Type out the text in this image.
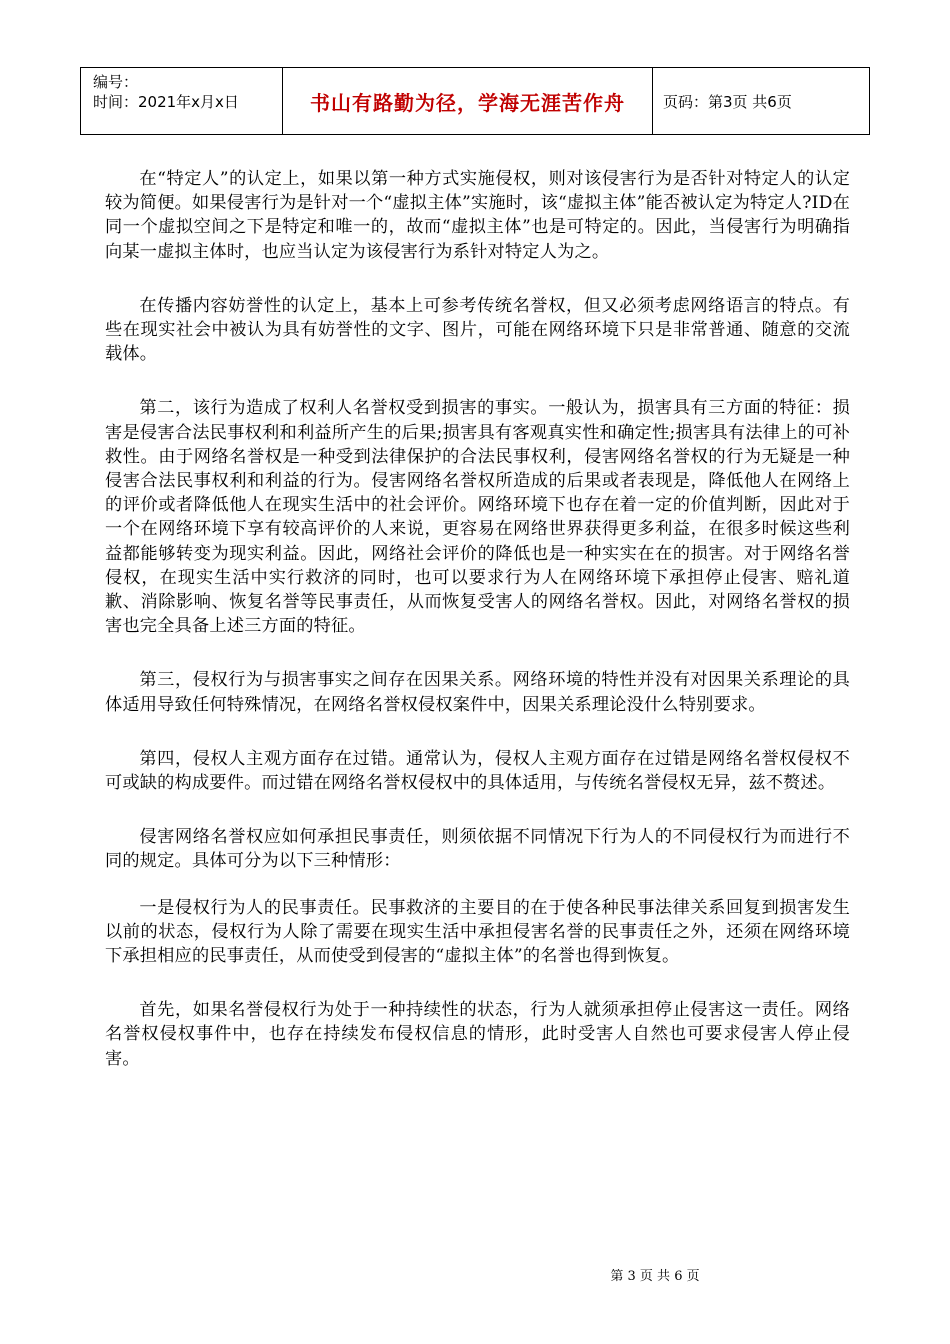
编号：
时间：2021年x月x日	书山有路勤为径，学海无涯苦作舟	页码：第3页 共6页

在“特定人”的认定上，如果以第一种方式实施侵权，则对该侵害行为是否针对特定人的认定较为简便。如果侵害行为是针对一个“虚拟主体”实施时，该“虚拟主体”能否被认定为特定人?ID在同一个虚拟空间之下是特定和唯一的，故而“虚拟主体”也是可特定的。因此，当侵害行为明确指向某一虚拟主体时，也应当认定为该侵害行为系针对特定人为之。

在传播内容妨誉性的认定上，基本上可参考传统名誉权，但又必须考虑网络语言的特点。有些在现实社会中被认为具有妨誉性的文字、图片，可能在网络环境下只是非常普通、随意的交流载体。

第二，该行为造成了权利人名誉权受到损害的事实。一般认为，损害具有三方面的特征：损害是侵害合法民事权利和利益所产生的后果;损害具有客观真实性和确定性;损害具有法律上的可补救性。由于网络名誉权是一种受到法律保护的合法民事权利，侵害网络名誉权的行为无疑是一种侵害合法民事权利和利益的行为。侵害网络名誉权所造成的后果或者表现是，降低他人在网络上的评价或者降低他人在现实生活中的社会评价。网络环境下也存在着一定的价值判断，因此对于一个在网络环境下享有较高评价的人来说，更容易在网络世界获得更多利益，在很多时候这些利益都能够转变为现实利益。因此，网络社会评价的降低也是一种实实在在的损害。对于网络名誉侵权，在现实生活中实行救济的同时，也可以要求行为人在网络环境下承担停止侵害、赔礼道歉、消除影响、恢复名誉等民事责任，从而恢复受害人的网络名誉权。因此，对网络名誉权的损害也完全具备上述三方面的特征。

第三，侵权行为与损害事实之间存在因果关系。网络环境的特性并没有对因果关系理论的具体适用导致任何特殊情况，在网络名誉权侵权案件中，因果关系理论没什么特别要求。

第四，侵权人主观方面存在过错。通常认为，侵权人主观方面存在过错是网络名誉权侵权不可或缺的构成要件。而过错在网络名誉权侵权中的具体适用，与传统名誉侵权无异，兹不赘述。

侵害网络名誉权应如何承担民事责任，则须依据不同情况下行为人的不同侵权行为而进行不同的规定。具体可分为以下三种情形：

一是侵权行为人的民事责任。民事救济的主要目的在于使各种民事法律关系回复到损害发生以前的状态，侵权行为人除了需要在现实生活中承担侵害名誉的民事责任之外，还须在网络环境下承担相应的民事责任，从而使受到侵害的“虚拟主体”的名誉也得到恢复。

首先，如果名誉侵权行为处于一种持续性的状态，行为人就须承担停止侵害这一责任。网络名誉权侵权事件中，也存在持续发布侵权信息的情形，此时受害人自然也可要求侵害人停止侵害。

第 3 页 共 6 页
